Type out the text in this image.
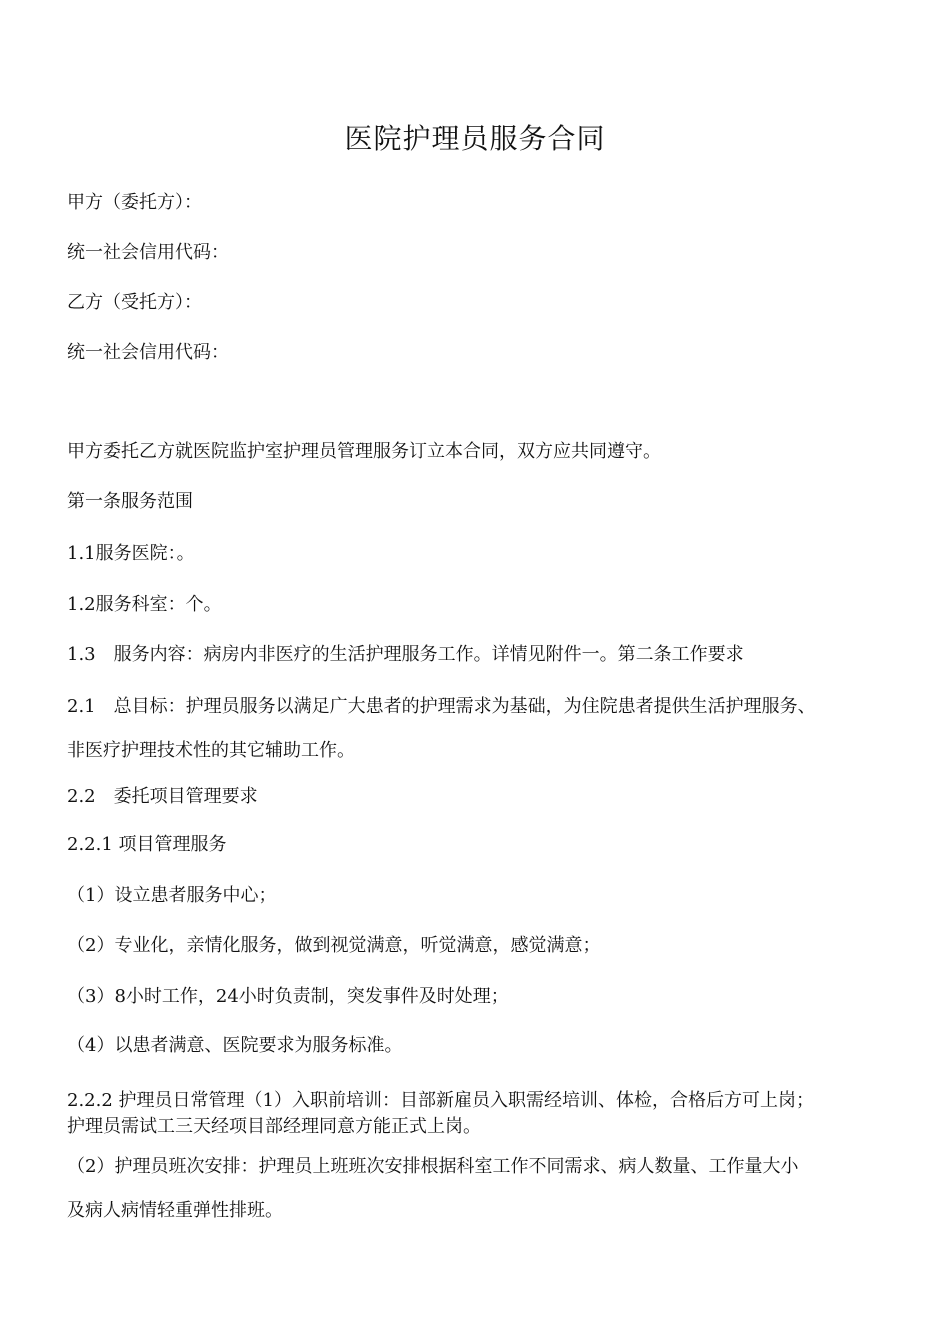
医院护理员服务合同
甲方（委托方）：
统一社会信用代码：
乙方（受托方）：
统一社会信用代码：
甲方委托乙方就医院监护室护理员管理服务订立本合同，双方应共同遵守。
第一条服务范围
1.1服务医院：。
1.2服务科室：个。
1.3　服务内容：病房内非医疗的生活护理服务工作。详情见附件一。第二条工作要求
2.1　总目标：护理员服务以满足广大患者的护理需求为基础，为住院患者提供生活护理服务、
非医疗护理技术性的其它辅助工作。
2.2　委托项目管理要求
2.2.1 项目管理服务
（1）设立患者服务中心；
（2）专业化，亲情化服务，做到视觉满意，听觉满意，感觉满意；
（3）8小时工作，24小时负责制，突发事件及时处理；
（4）以患者满意、医院要求为服务标准。
2.2.2 护理员日常管理（1）入职前培训：目部新雇员入职需经培训、体检，合格后方可上岗；
护理员需试工三天经项目部经理同意方能正式上岗。
（2）护理员班次安排：护理员上班班次安排根据科室工作不同需求、病人数量、工作量大小
及病人病情轻重弹性排班。
